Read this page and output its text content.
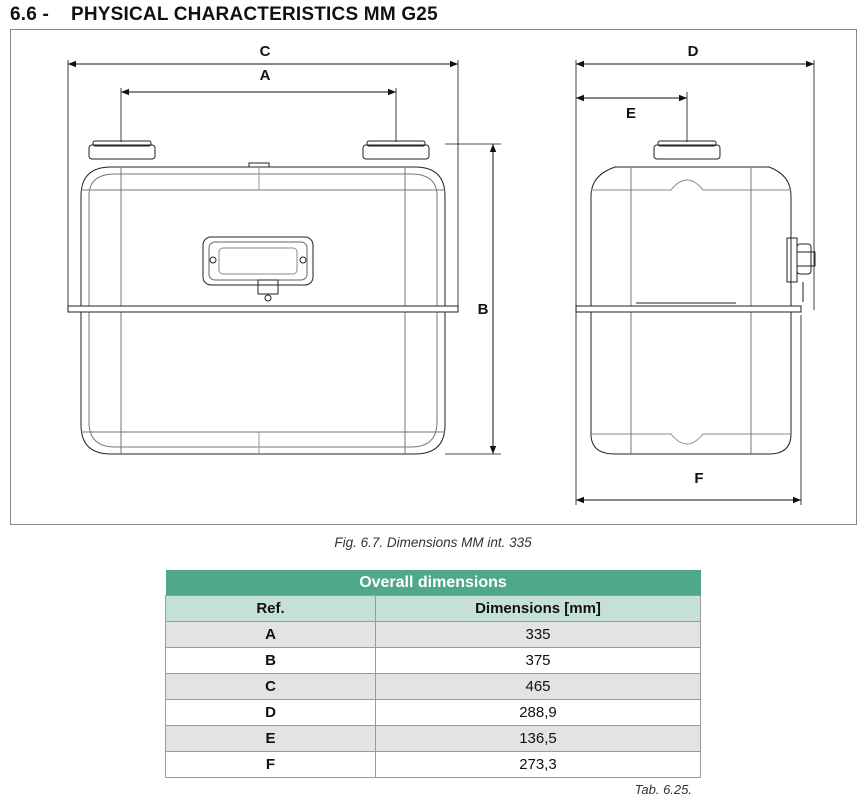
6.6 - PHYSICAL CHARACTERISTICS MM G25
C
A
B
D
E
F
Fig. 6.7. Dimensions MM int. 335
Overall dimensions	
Ref.	Dimensions [mm]
A	335
B	375
C	465
D	288,9
E	136,5
F	273,3
Tab. 6.25.
